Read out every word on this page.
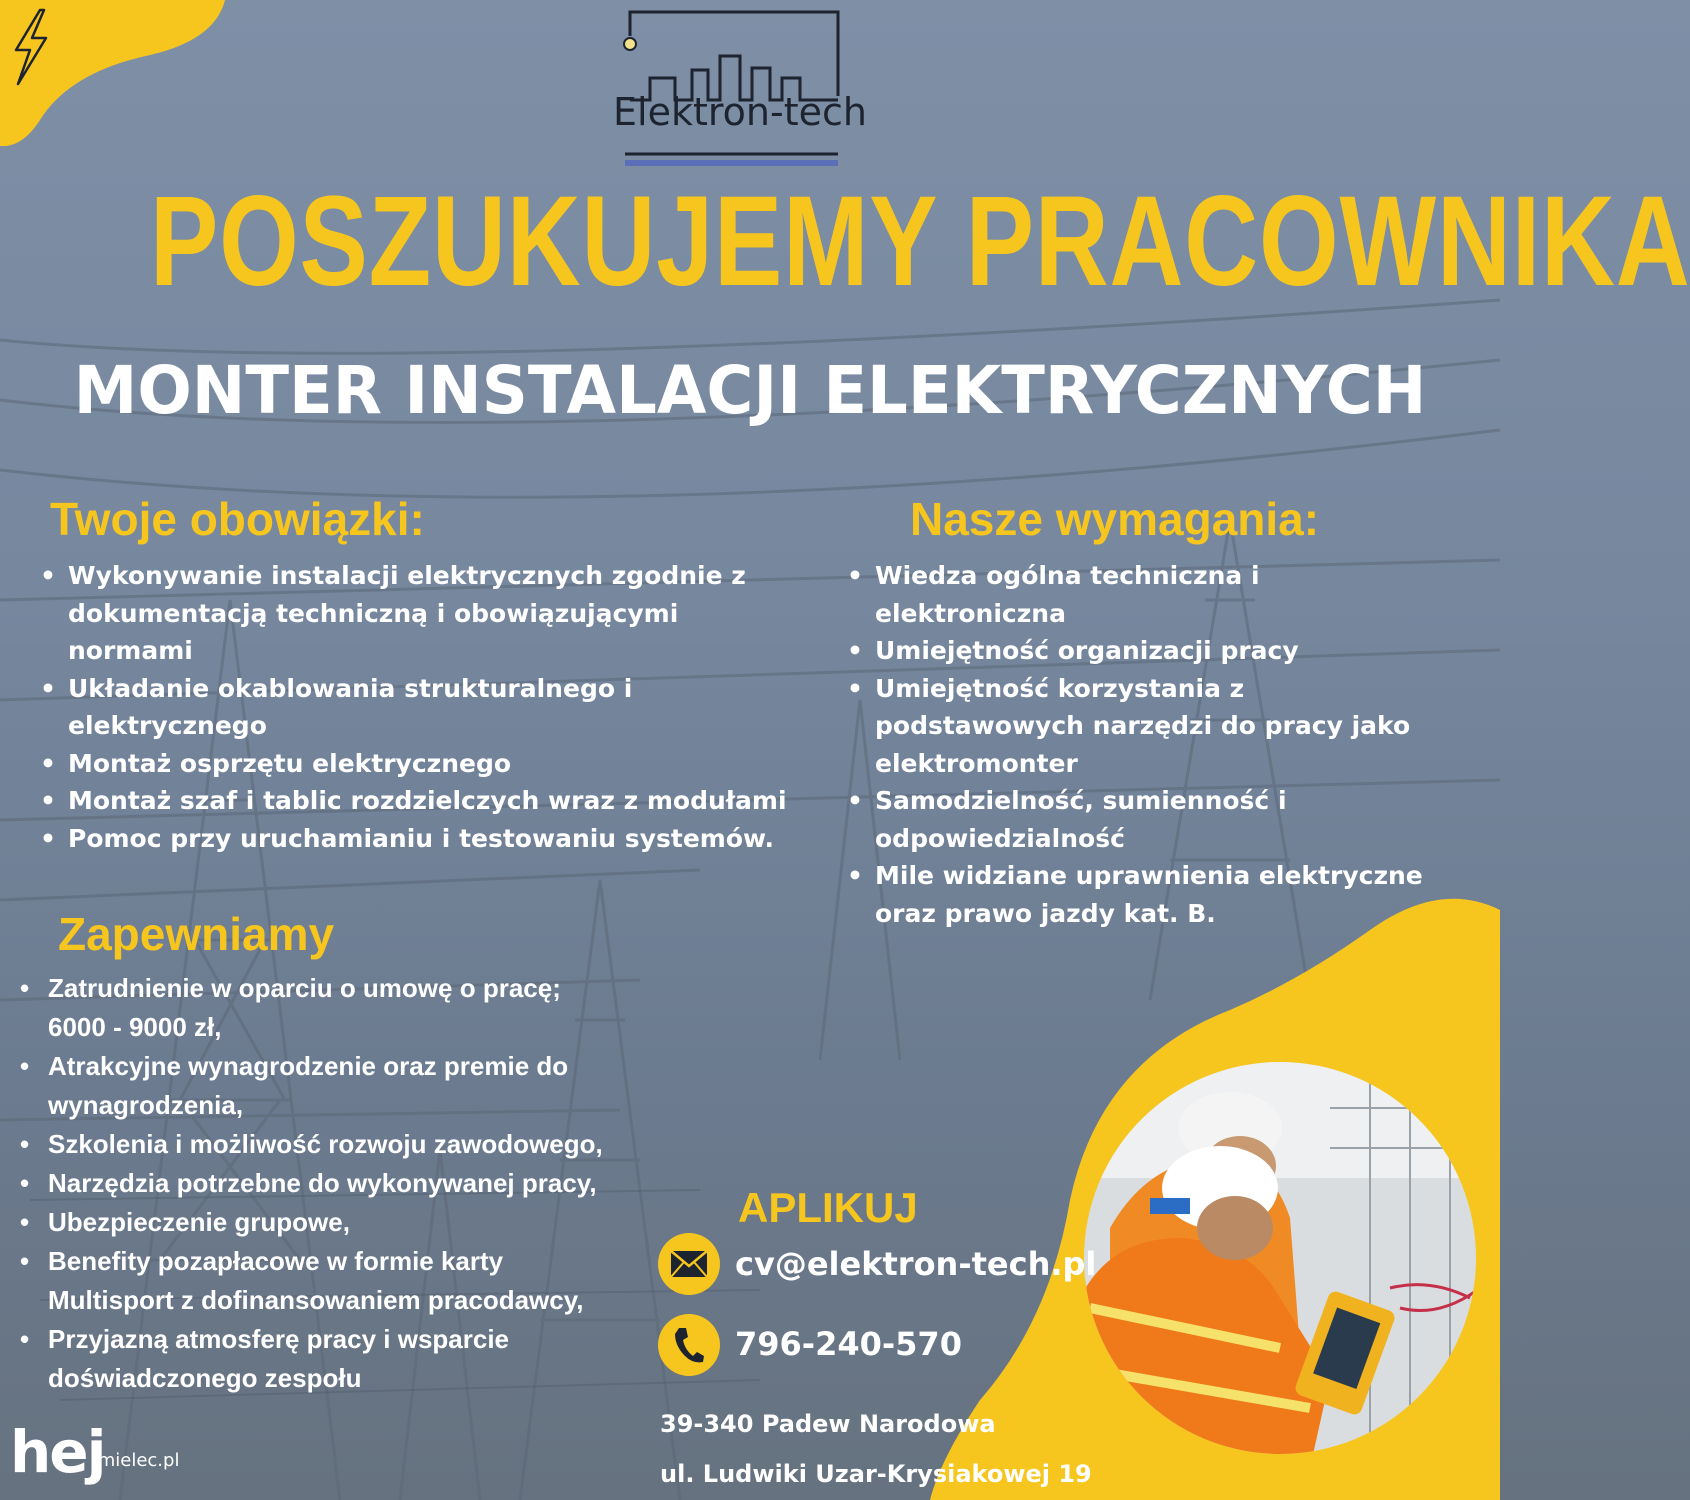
Elektron-tech
POSZUKUJEMY PRACOWNIKA
MONTER INSTALACJI ELEKTRYCZNYCH
Twoje obowiązki:
• Wykonywanie instalacji elektrycznych zgodnie z
dokumentacją techniczną i obowiązującymi
normami
• Układanie okablowania strukturalnego i
elektrycznego
• Montaż osprzętu elektrycznego
• Montaż szaf i tablic rozdzielczych wraz z modułami
• Pomoc przy uruchamianiu i testowaniu systemów.
Nasze wymagania:
• Wiedza ogólna techniczna i
elektroniczna
• Umiejętność organizacji pracy
• Umiejętność korzystania z
podstawowych narzędzi do pracy jako
elektromonter
• Samodzielność, sumienność i
odpowiedzialność
• Mile widziane uprawnienia elektryczne
oraz prawo jazdy kat. B.
Zapewniamy
• Zatrudnienie w oparciu o umowę o pracę;
6000 - 9000 zł,
• Atrakcyjne wynagrodzenie oraz premie do
wynagrodzenia,
• Szkolenia i możliwość rozwoju zawodowego,
• Narzędzia potrzebne do wykonywanej pracy,
• Ubezpieczenie grupowe,
• Benefity pozapłacowe w formie karty
Multisport z dofinansowaniem pracodawcy,
• Przyjazną atmosferę pracy i wsparcie
doświadczonego zespołu
APLIKUJ
cv@elektron-tech.pl
796-240-570
39-340 Padew Narodowa
ul. Ludwiki Uzar-Krysiakowej 19
hej
.mielec.pl
